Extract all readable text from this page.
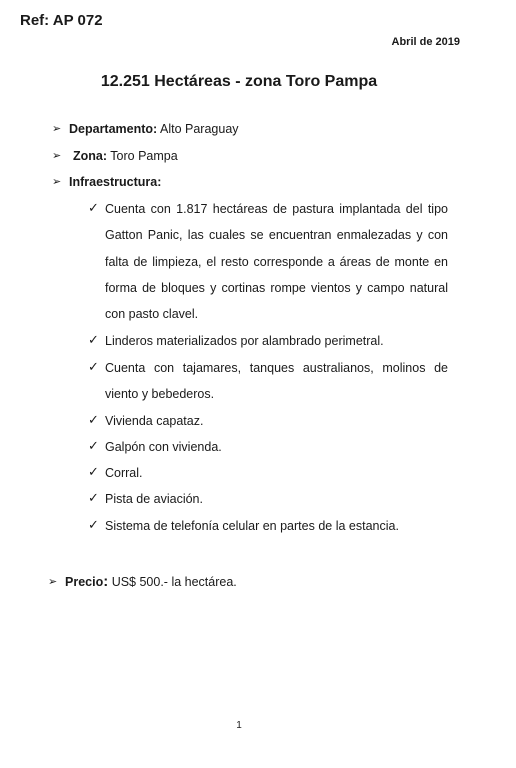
Ref: AP 072
Abril de 2019
12.251 Hectáreas - zona Toro Pampa
➢ Departamento: Alto Paraguay
➢ Zona: Toro Pampa
➢ Infraestructura:
✓ Cuenta con 1.817 hectáreas de pastura implantada del tipo
Gatton Panic, las cuales se encuentran enmalezadas y con
falta de limpieza, el resto corresponde a áreas de monte en
forma de bloques y cortinas rompe vientos y campo natural
con pasto clavel.
✓ Linderos materializados por alambrado perimetral.
✓ Cuenta con tajamares, tanques australianos, molinos de
viento y bebederos.
✓ Vivienda capataz.
✓ Galpón con vivienda.
✓ Corral.
✓ Pista de aviación.
✓ Sistema de telefonía celular en partes de la estancia.
➢ Precio: US$ 500.- la hectárea.
1
